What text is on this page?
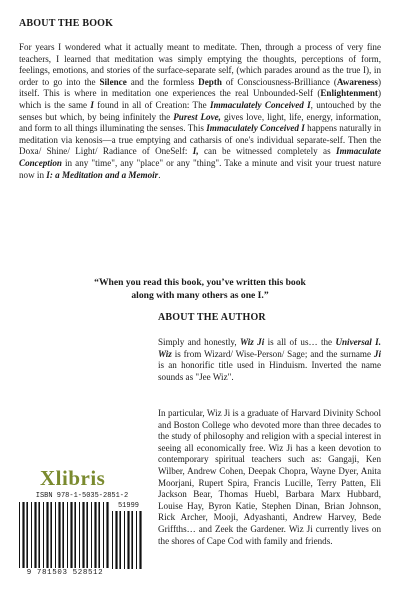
ABOUT THE BOOK

For years I wondered what it actually meant to meditate. Then, through a process of very fine teachers, I learned that meditation was simply emptying the thoughts, perceptions of form, feelings, emotions, and stories of the surface-separate self, (which parades around as the true I), in order to go into the Silence and the formless Depth of Consciousness-Brilliance (Awareness) itself. This is where in meditation one experiences the real Unbounded-Self (Enlightenment) which is the same I found in all of Creation: The Immaculately Conceived I, untouched by the senses but which, by being infinitely the Purest Love, gives love, light, life, energy, information, and form to all things illuminating the senses. This Immaculately Conceived I happens naturally in meditation via kenosis—a true emptying and catharsis of one's individual separate-self. Then the Doxa/ Shine/ Light/ Radiance of OneSelf: I, can be witnessed completely as Immaculate Conception in any "time", any "place" or any "thing". Take a minute and visit your truest nature now in I: a Meditation and a Memoir.

“When you read this book, you’ve written this book
along with many others as one I.”
ABOUT THE AUTHOR

Simply and honestly, Wiz Ji is all of us… the Universal I. Wiz is from Wizard/ Wise-Person/ Sage; and the surname Ji is an honorific title used in Hinduism. Inverted the name sounds as "Jee Wiz".

In particular, Wiz Ji is a graduate of Harvard Divinity School and Boston College who devoted more than three decades to the study of philosophy and religion with a special interest in seeing all economically free. Wiz Ji has a keen devotion to contemporary spiritual teachers such as: Gangaji, Ken Wilber, Andrew Cohen, Deepak Chopra, Wayne Dyer, Anita Moorjani, Rupert Spira, Francis Lucille, Terry Patten, Eli Jackson Bear, Thomas Huebl, Barbara Marx Hubbard, Louise Hay, Byron Katie, Stephen Dinan, Brian Johnson, Rick Archer, Mooji, Adyashanti, Andrew Harvey, Bede Griffths… and Zeek the Gardener. Wiz Ji currently lives on the shores of Cape Cod with family and friends.

Xlibris
ISBN 978-1-5035-2851-2
51999
9 781503 528512
